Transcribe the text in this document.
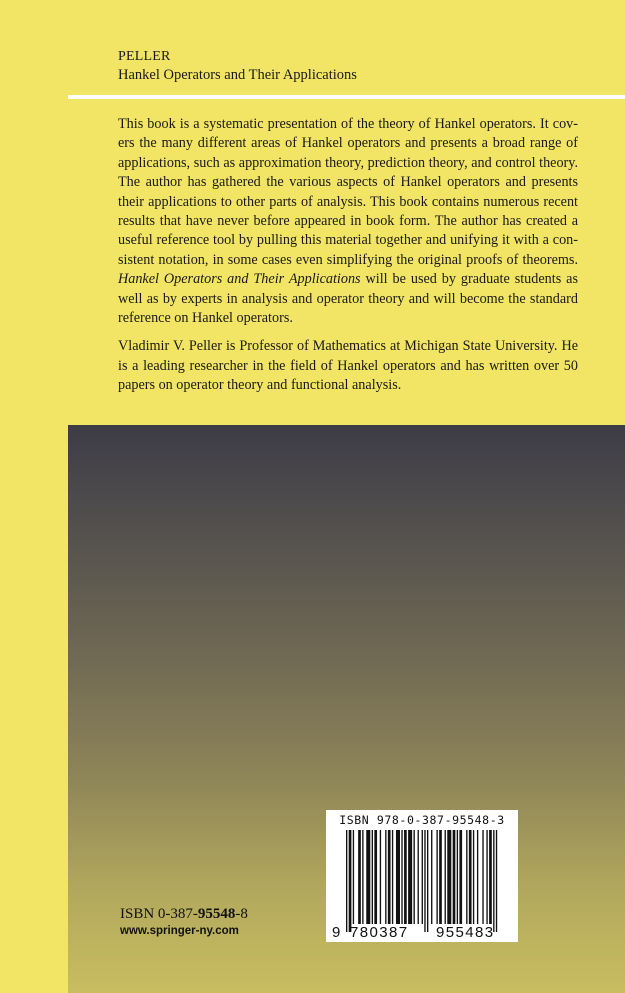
PELLER
Hankel Operators and Their Applications

This book is a systematic presentation of the theory of Hankel operators. It covers the many different areas of Hankel operators and presents a broad range of applications, such as approximation theory, prediction theory, and control theory. The author has gathered the various aspects of Hankel operators and presents their applications to other parts of analysis. This book contains numerous recent results that have never before appeared in book form. The author has created a useful reference tool by pulling this material together and unifying it with a consistent notation, in some cases even simplifying the original proofs of theorems. Hankel Operators and Their Applications will be used by graduate students as well as by experts in analysis and operator theory and will become the standard reference on Hankel operators.

Vladimir V. Peller is Professor of Mathematics at Michigan State University. He is a leading researcher in the field of Hankel operators and has written over 50 papers on operator theory and functional analysis.

ISBN 978-0-387-95548-3
9 780387 955483
ISBN 0-387-95548-8
www.springer-ny.com
